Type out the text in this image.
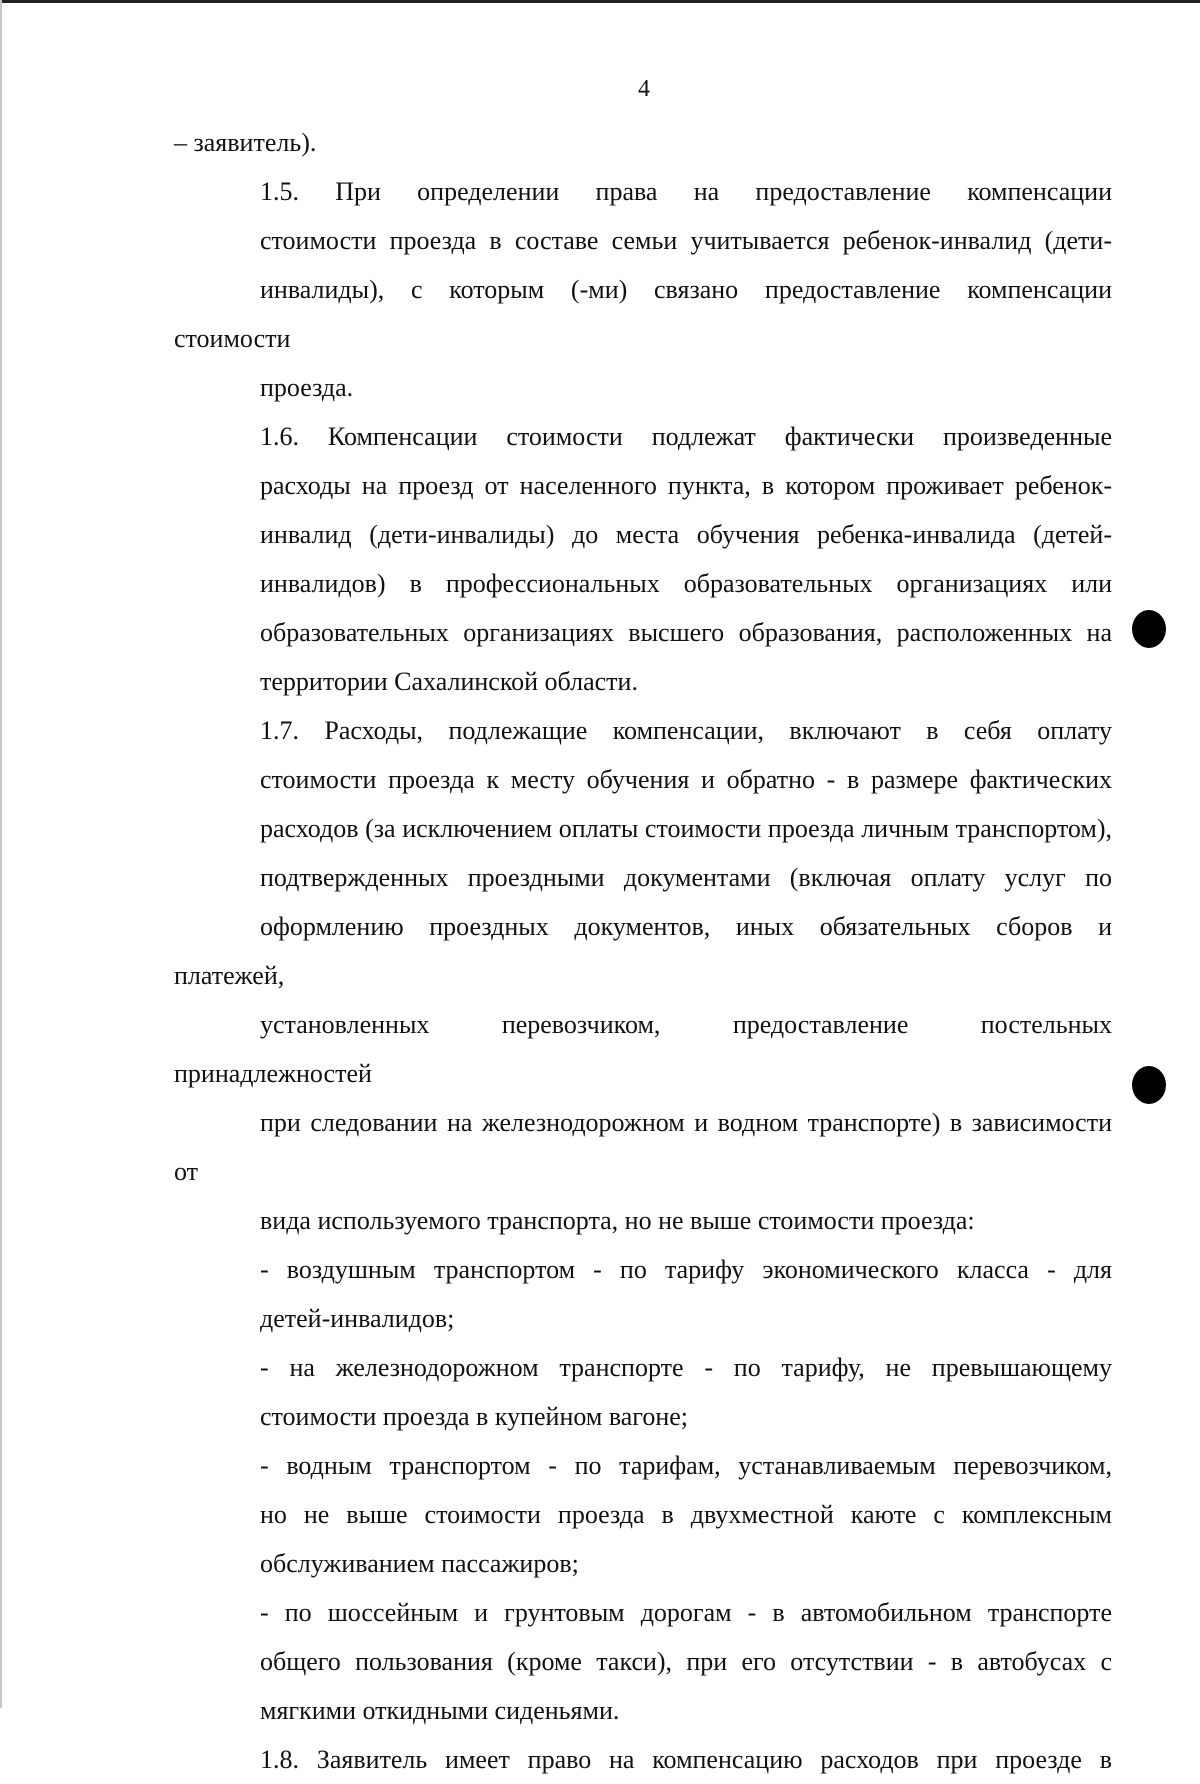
4

– заявитель).

1.5. При определении права на предоставление компенсации
стоимости проезда в составе семьи учитывается ребенок-инвалид (дети-
инвалиды), с которым (-ми) связано предоставление компенсации стоимости
проезда.

1.6. Компенсации стоимости подлежат фактически произведенные
расходы на проезд от населенного пункта, в котором проживает ребенок-
инвалид (дети-инвалиды) до места обучения ребенка-инвалида (детей-
инвалидов) в профессиональных образовательных организациях или
образовательных организациях высшего образования, расположенных на
территории Сахалинской области.

1.7. Расходы, подлежащие компенсации, включают в себя оплату
стоимости проезда к месту обучения и обратно - в размере фактических
расходов (за исключением оплаты стоимости проезда личным транспортом),
подтвержденных проездными документами (включая оплату услуг по
оформлению проездных документов, иных обязательных сборов и платежей,
установленных перевозчиком, предоставление постельных принадлежностей
при следовании на железнодорожном и водном транспорте) в зависимости от
вида используемого транспорта, но не выше стоимости проезда:

- воздушным транспортом - по тарифу экономического класса - для
детей-инвалидов;

- на железнодорожном транспорте - по тарифу, не превышающему
стоимости проезда в купейном вагоне;

- водным транспортом - по тарифам, устанавливаемым перевозчиком,
но не выше стоимости проезда в двухместной каюте с комплексным
обслуживанием пассажиров;

- по шоссейным и грунтовым дорогам - в автомобильном транспорте
общего пользования (кроме такси), при его отсутствии - в автобусах с
мягкими откидными сиденьями.

1.8. Заявитель имеет право на компенсацию расходов при проезде в
